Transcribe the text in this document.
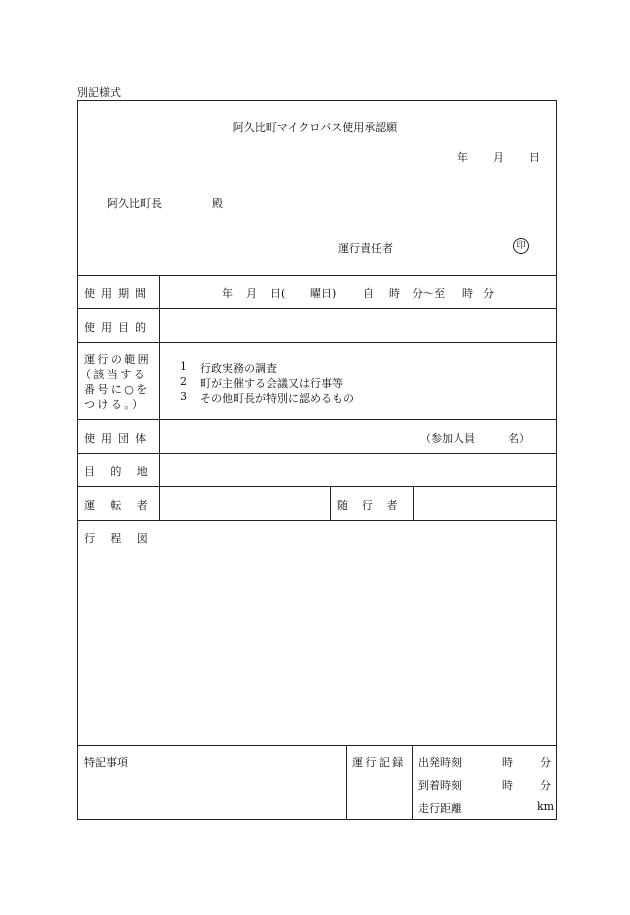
別記様式
阿久比町マイクロバス使用承認願
年 月 日
阿久比町長	殿
運行責任者	印
使用期間	年 月 日( 曜日) 自 時 分〜至 時 分
使用目的
運行の範囲
（該当する
番号に○を
つける。）
1 行政実務の調査
2 町が主催する会議又は行事等
3 その他町長が特別に認めるもの
使用団体	（参加人員	名）
目的地
運転者	随行者
行程図
特記事項	運行記録 出発時刻	時 分
到着時刻	時 分
走行距離	km
